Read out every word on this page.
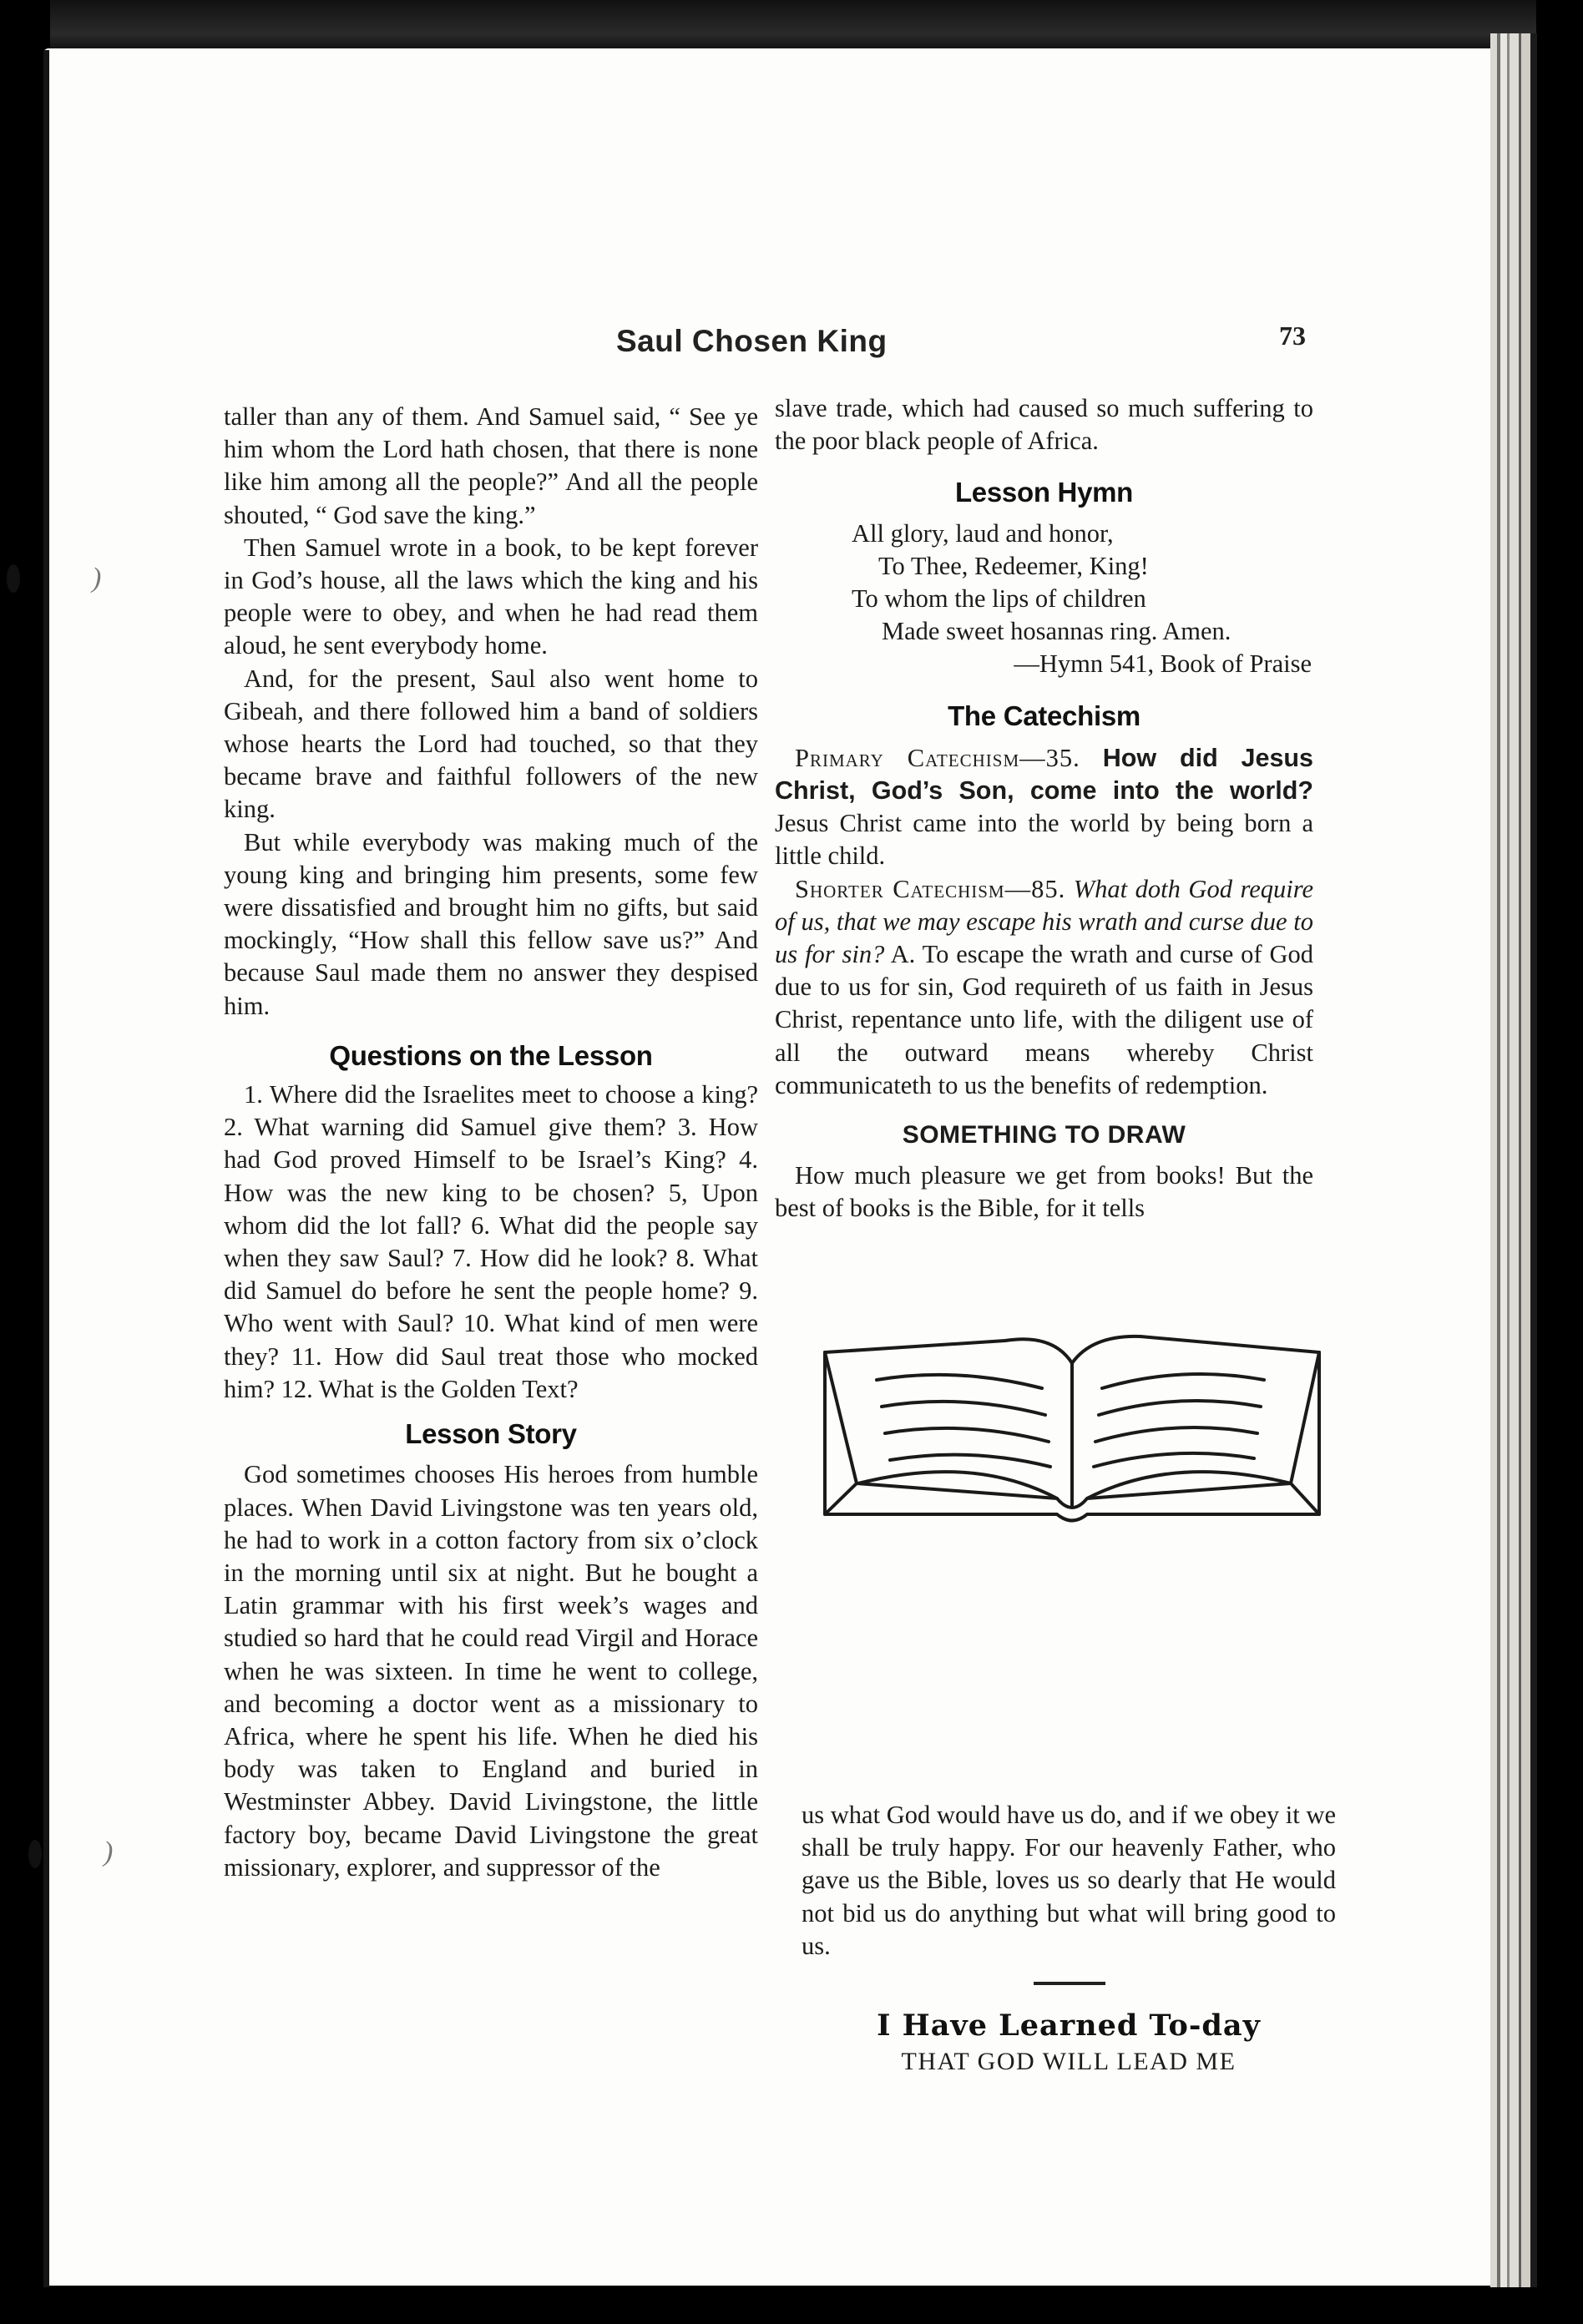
)
)
Saul Chosen King	73

taller than any of them. And Samuel said, “ See ye him whom the Lord hath chosen, that there is none like him among all the people?” And all the people shouted, “ God save the king.”

Then Samuel wrote in a book, to be kept forever in God’s house, all the laws which the king and his people were to obey, and when he had read them aloud, he sent everybody home.

And, for the present, Saul also went home to Gibeah, and there followed him a band of soldiers whose hearts the Lord had touched, so that they became brave and faithful followers of the new king.

But while everybody was making much of the young king and bringing him presents, some few were dissatisfied and brought him no gifts, but said mockingly, “How shall this fellow save us?” And because Saul made them no answer they despised him.

Questions on the Lesson

1. Where did the Israelites meet to choose a king? 2. What warning did Samuel give them? 3. How had God proved Himself to be Israel’s King? 4. How was the new king to be chosen? 5, Upon whom did the lot fall? 6. What did the people say when they saw Saul? 7. How did he look? 8. What did Samuel do before he sent the people home? 9. Who went with Saul? 10. What kind of men were they? 11. How did Saul treat those who mocked him? 12. What is the Golden Text?

Lesson Story

God sometimes chooses His heroes from humble places. When David Livingstone was ten years old, he had to work in a cotton factory from six o’clock in the morning until six at night. But he bought a Latin grammar with his first week’s wages and studied so hard that he could read Virgil and Horace when he was sixteen. In time he went to college, and becoming a doctor went as a missionary to Africa, where he spent his life. When he died his body was taken to England and buried in Westminster Abbey. David Livingstone, the little factory boy, became David Livingstone the great missionary, explorer, and suppressor of the

slave trade, which had caused so much suffering to the poor black people of Africa.

Lesson Hymn
All glory, laud and honor,
To Thee, Redeemer, King!
To whom the lips of children
Made sweet hosannas ring. Amen.
—Hymn 541, Book of Praise
The Catechism

Primary Catechism—35. How did Jesus Christ, God’s Son, come into the world? Jesus Christ came into the world by being born a little child.

Shorter Catechism—85. What doth God require of us, that we may escape his wrath and curse due to us for sin? A. To escape the wrath and curse of God due to us for sin, God requireth of us faith in Jesus Christ, repentance unto life, with the diligent use of all the outward means whereby Christ communicateth to us the benefits of redemption.

SOMETHING TO DRAW

How much pleasure we get from books! But the best of books is the Bible, for it tells

us what God would have us do, and if we obey it we shall be truly happy. For our heavenly Father, who gave us the Bible, loves us so dearly that He would not bid us do anything but what will bring good to us.

I Have Learned To-day
THAT GOD WILL LEAD ME
